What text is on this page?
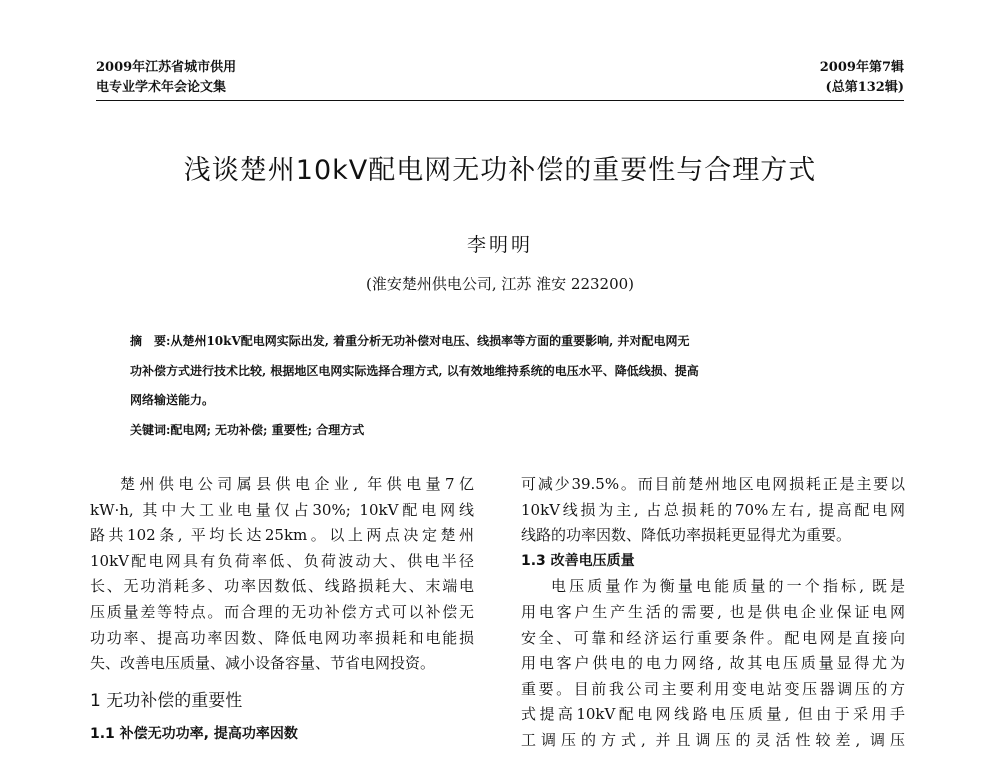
2009年江苏省城市供用
电专业学术年会论文集
2009年第7辑
(总第132辑)
浅谈楚州10kV配电网无功补偿的重要性与合理方式
李明明
(淮安楚州供电公司, 江苏 淮安 223200)
摘　要:从楚州10kV配电网实际出发, 着重分析无功补偿对电压、线损率等方面的重要影响, 并对配电网无
功补偿方式进行技术比较, 根据地区电网实际选择合理方式, 以有效地维持系统的电压水平、降低线损、提高
网络输送能力。
关键词:配电网; 无功补偿; 重要性; 合理方式

楚州供电公司属县供电企业, 年供电量7亿

kW·h, 其中大工业电量仅占30%; 10kV配电网线

路共102条, 平均长达25km。以上两点决定楚州

10kV配电网具有负荷率低、负荷波动大、供电半径

长、无功消耗多、功率因数低、线路损耗大、末端电

压质量差等特点。而合理的无功补偿方式可以补偿无

功功率、提高功率因数、降低电网功率损耗和电能损

失、改善电压质量、减小设备容量、节省电网投资。

1 无功补偿的重要性

1.1 补偿无功功率, 提高功率因数

可减少39.5%。而目前楚州地区电网损耗正是主要以

10kV线损为主, 占总损耗的70%左右, 提高配电网

线路的功率因数、降低功率损耗更显得尤为重要。

1.3 改善电压质量

电压质量作为衡量电能质量的一个指标, 既是

用电客户生产生活的需要, 也是供电企业保证电网

安全、可靠和经济运行重要条件。配电网是直接向

用电客户供电的电力网络, 故其电压质量显得尤为

重要。目前我公司主要利用变电站变压器调压的方

式提高10kV配电网线路电压质量, 但由于采用手

工调压的方式, 并且调压的灵活性较差, 调压
